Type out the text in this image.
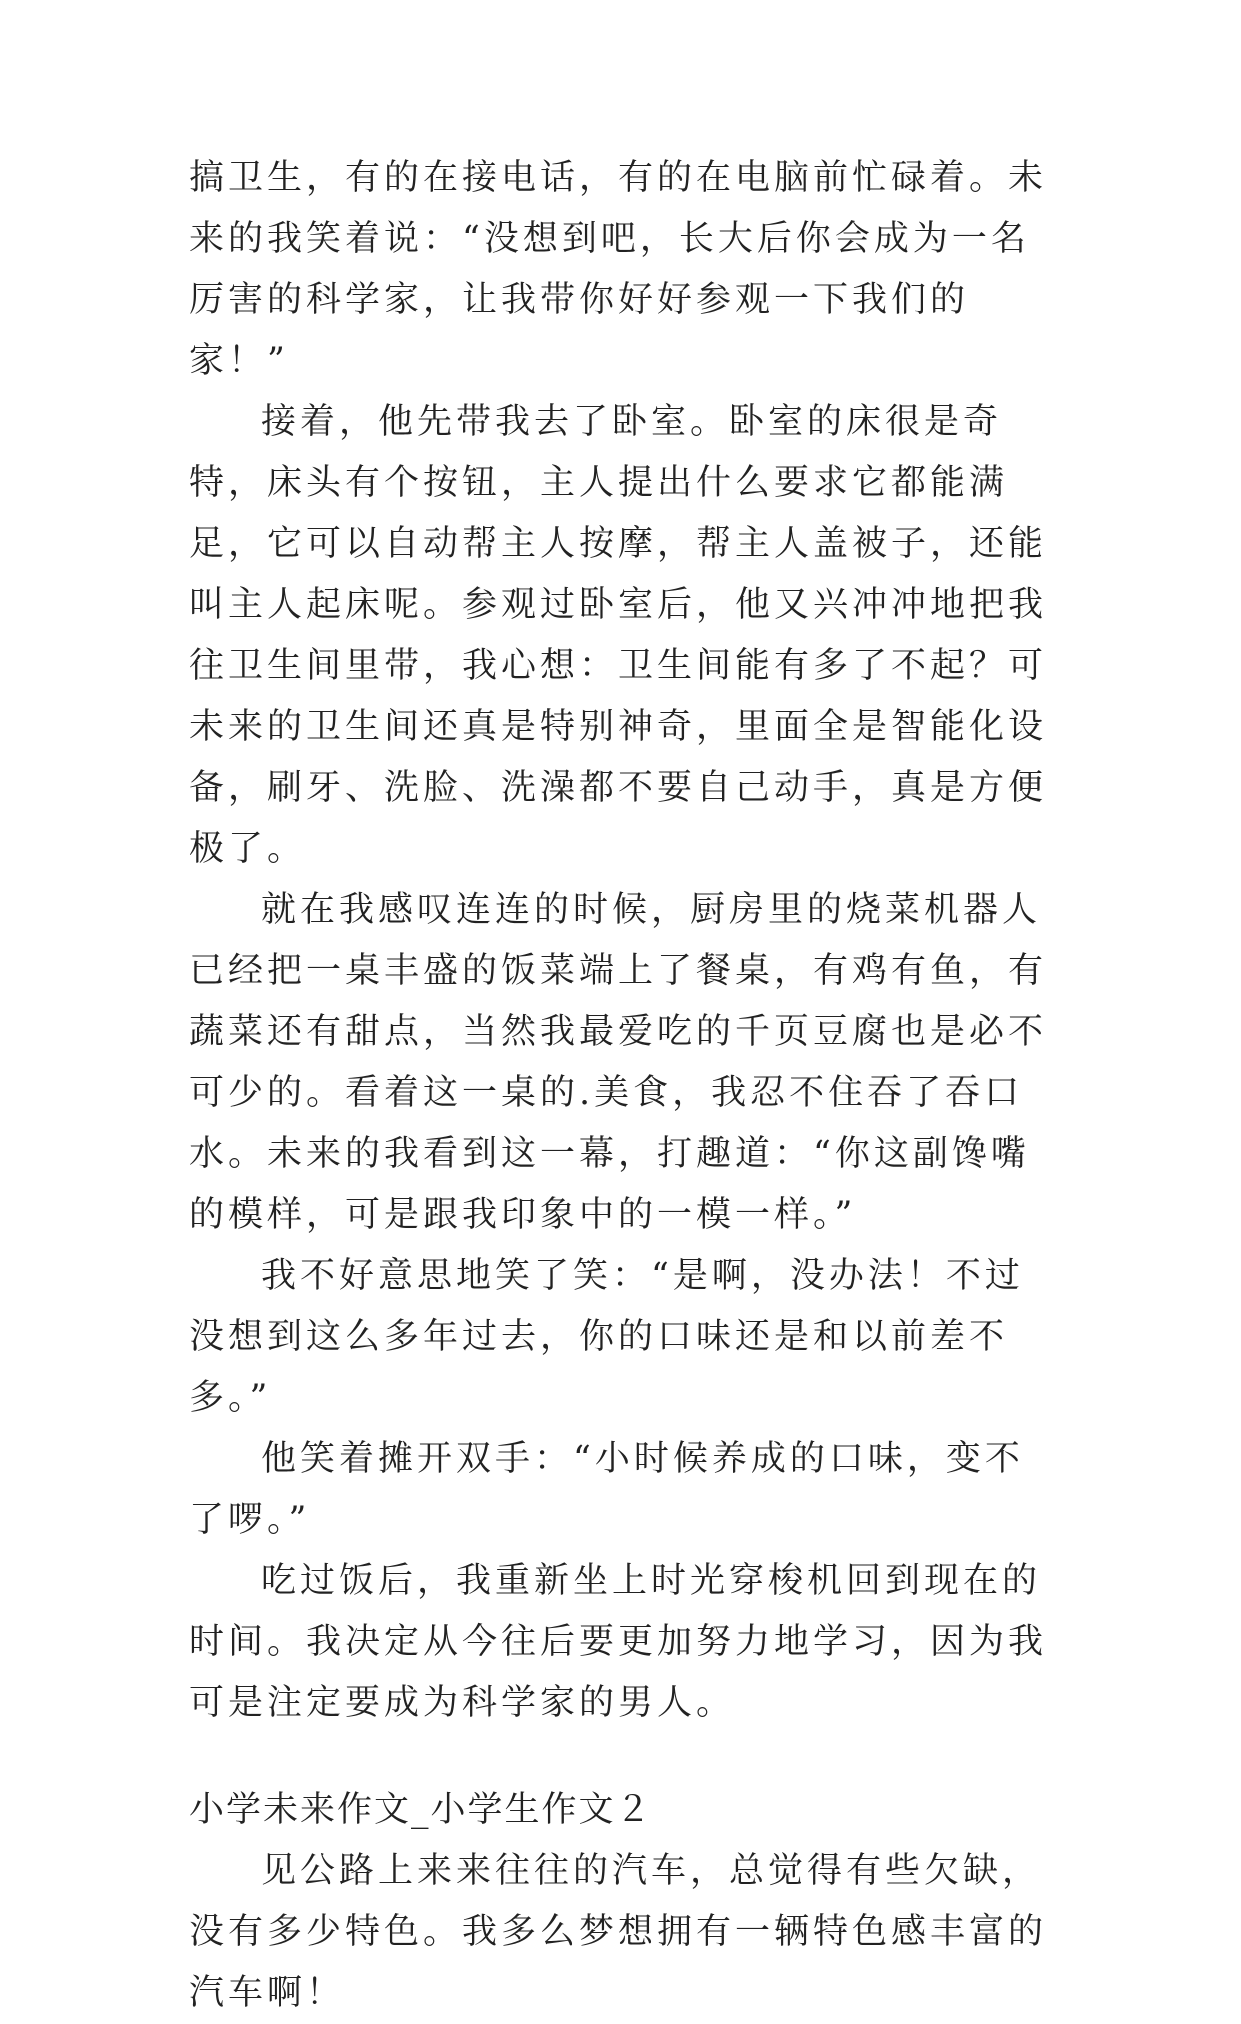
搞卫生，有的在接电话，有的在电脑前忙碌着。未来的我笑着说：“没想到吧，长大后你会成为一名厉害的科学家，让我带你好好参观一下我们的家！”

接着，他先带我去了卧室。卧室的床很是奇特，床头有个按钮，主人提出什么要求它都能满足，它可以自动帮主人按摩，帮主人盖被子，还能叫主人起床呢。参观过卧室后，他又兴冲冲地把我往卫生间里带，我心想：卫生间能有多了不起？可未来的卫生间还真是特别神奇，里面全是智能化设备，刷牙、洗脸、洗澡都不要自己动手，真是方便极了。

就在我感叹连连的时候，厨房里的烧菜机器人已经把一桌丰盛的饭菜端上了餐桌，有鸡有鱼，有蔬菜还有甜点，当然我最爱吃的千页豆腐也是必不可少的。看着这一桌的.美食，我忍不住吞了吞口水。未来的我看到这一幕，打趣道：“你这副馋嘴的模样，可是跟我印象中的一模一样。”

我不好意思地笑了笑：“是啊，没办法！不过没想到这么多年过去，你的口味还是和以前差不多。”

他笑着摊开双手：“小时候养成的口味，变不了啰。”

吃过饭后，我重新坐上时光穿梭机回到现在的时间。我决定从今往后要更加努力地学习，因为我可是注定要成为科学家的男人。

小学未来作文_小学生作文２

见公路上来来往往的汽车，总觉得有些欠缺，没有多少特色。我多么梦想拥有一辆特色感丰富的汽车啊！
